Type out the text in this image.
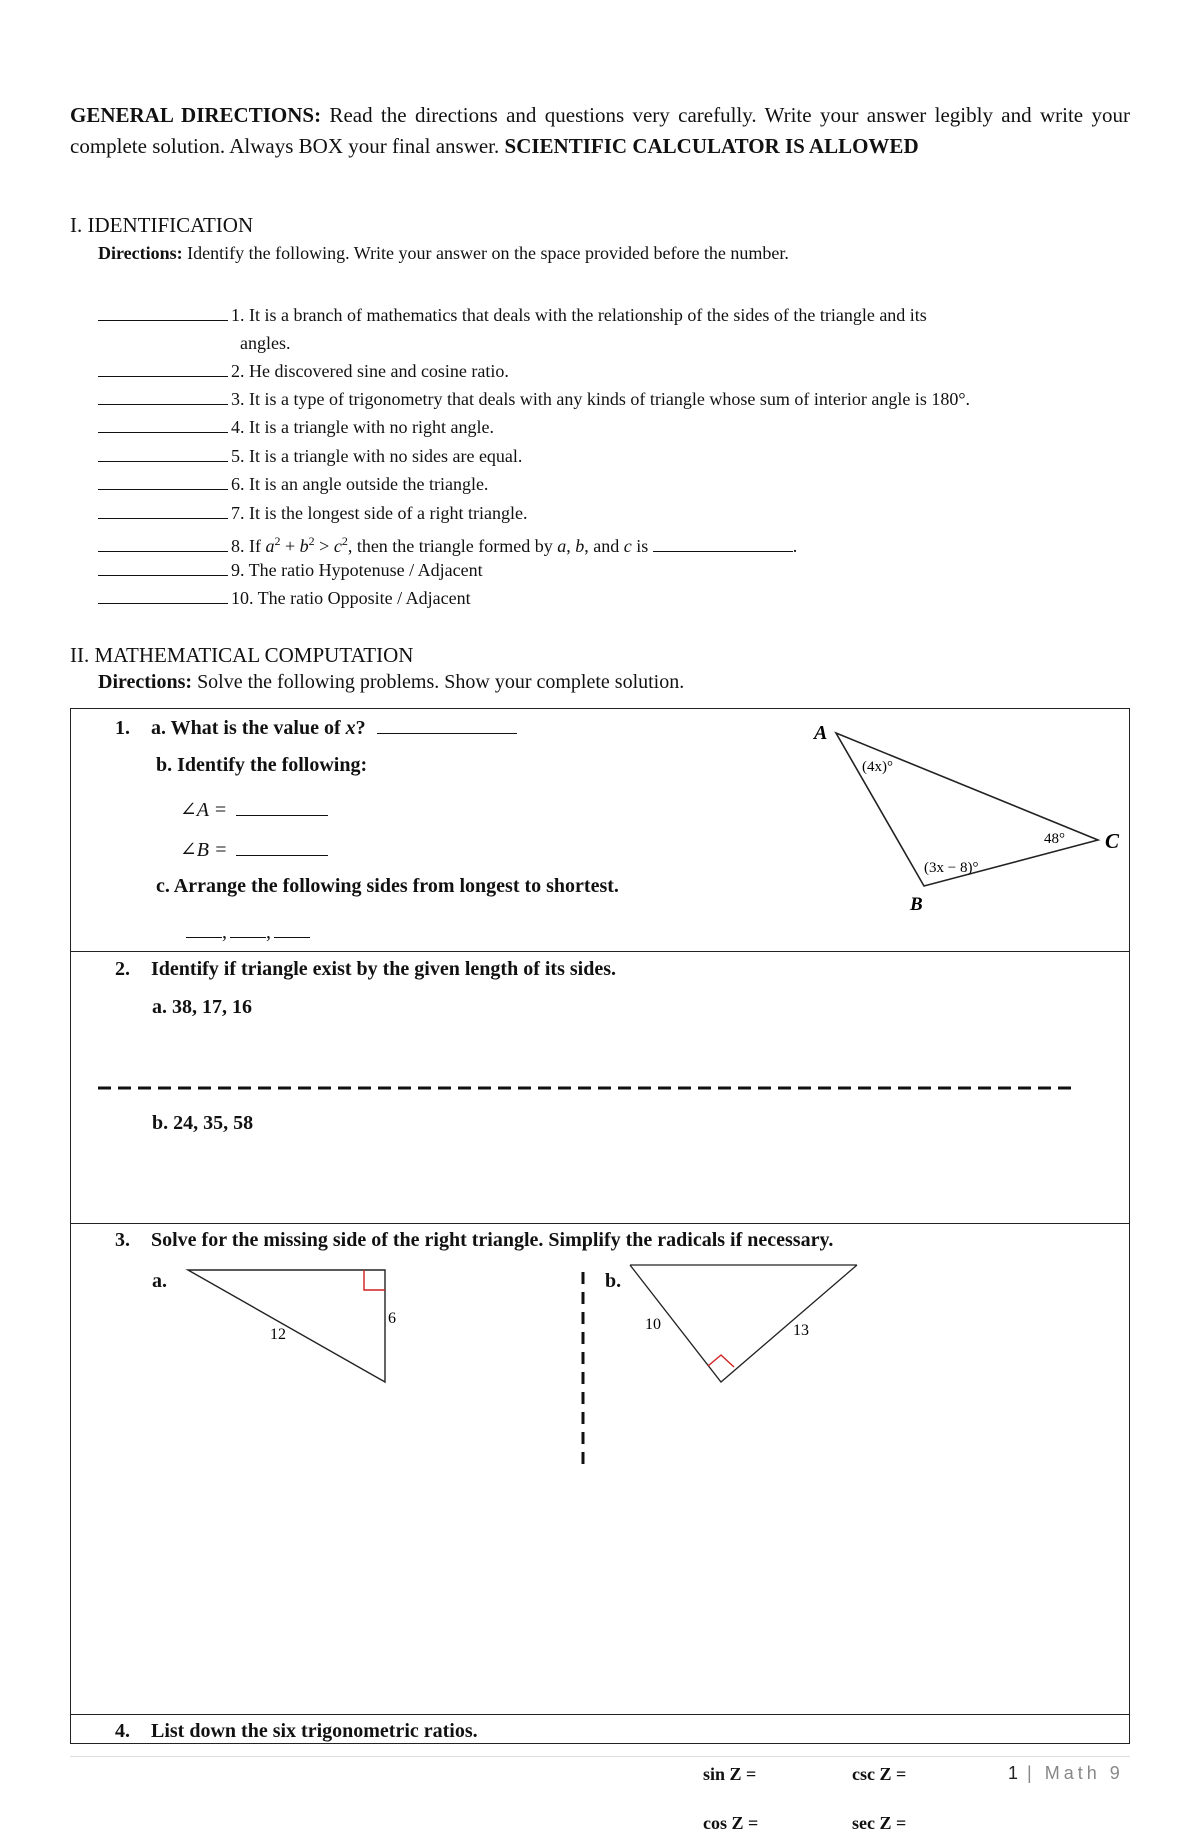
GENERAL DIRECTIONS: Read the directions and questions very carefully. Write your answer legibly and write your complete solution. Always BOX your final answer. SCIENTIFIC CALCULATOR IS ALLOWED
I. IDENTIFICATION
Directions: Identify the following. Write your answer on the space provided before the number.
1. It is a branch of mathematics that deals with the relationship of the sides of the triangle and its
angles.
2. He discovered sine and cosine ratio.
3. It is a type of trigonometry that deals with any kinds of triangle whose sum of interior angle is 180°.
4. It is a triangle with no right angle.
5. It is a triangle with no sides are equal.
6. It is an angle outside the triangle.
7. It is the longest side of a right triangle.
8. If $a^2 + b^2 > c^2$, then the triangle formed by a, b, and c is	.
9. The ratio Hypotenuse / Adjacent
10. The ratio Opposite / Adjacent
II. MATHEMATICAL COMPUTATION
Directions: Solve the following problems. Show your complete solution.
1. a. What is the value of x?
b. Identify the following:
∠A =
∠B =
c. Arrange the following sides from longest to shortest.
, ,
A
B
C
(4x)°
(3x − 8)°
48°
2. Identify if triangle exist by the given length of its sides.
a. 38, 17, 16
b. 24, 35, 58
3. Solve for the missing side of the right triangle. Simplify the radicals if necessary.
a.	b.
12
6	10	13
4. List down the six trigonometric ratios.
sin Z =	csc Z =
cos Z =	sec Z =
1 | Math 9
